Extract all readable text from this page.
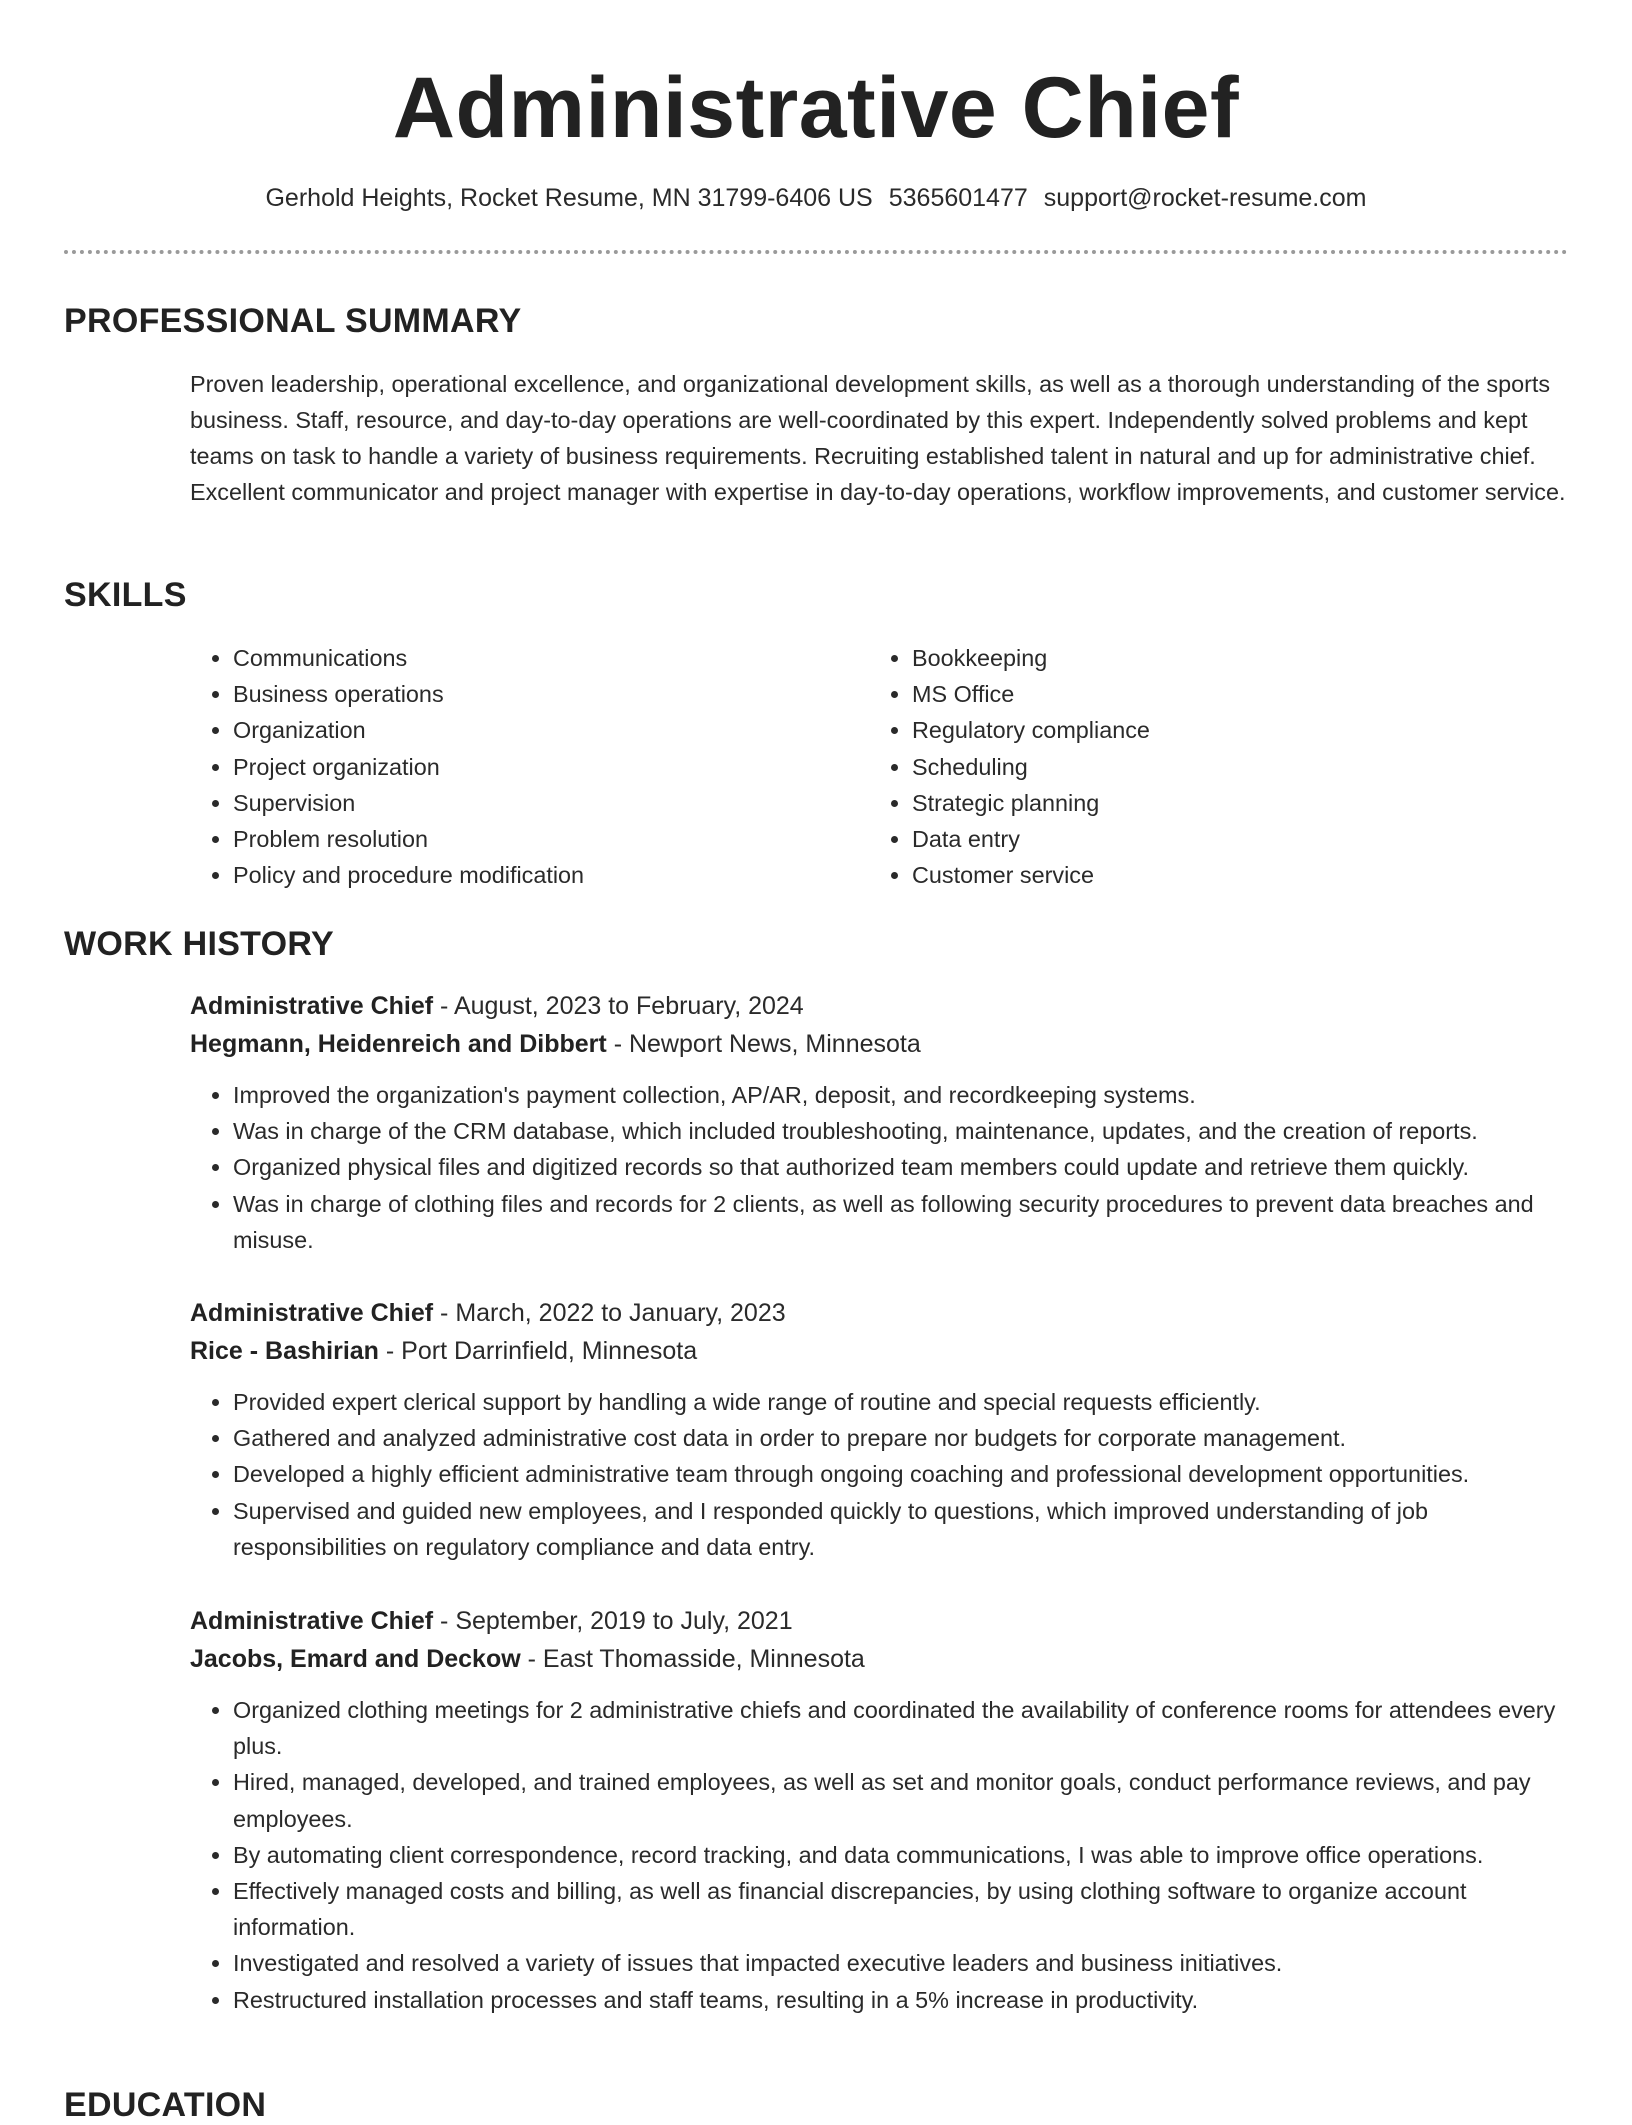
Administrative Chief
Gerhold Heights, Rocket Resume, MN 31799-6406 US 5365601477 support@rocket-resume.com
PROFESSIONAL SUMMARY
Proven leadership, operational excellence, and organizational development skills, as well as a thorough understanding of the sports business. Staff, resource, and day-to-day operations are well-coordinated by this expert. Independently solved problems and kept teams on task to handle a variety of business requirements. Recruiting established talent in natural and up for administrative chief. Excellent communicator and project manager with expertise in day-to-day operations, workflow improvements, and customer service.
SKILLS
• Communications
• Business operations
• Organization
• Project organization
• Supervision
• Problem resolution
• Policy and procedure modification
• Bookkeeping
• MS Office
• Regulatory compliance
• Scheduling
• Strategic planning
• Data entry
• Customer service
WORK HISTORY
Administrative Chief - August, 2023 to February, 2024
Hegmann, Heidenreich and Dibbert - Newport News, Minnesota
• Improved the organization's payment collection, AP/AR, deposit, and recordkeeping systems.
• Was in charge of the CRM database, which included troubleshooting, maintenance, updates, and the creation of reports.
• Organized physical files and digitized records so that authorized team members could update and retrieve them quickly.
• Was in charge of clothing files and records for 2 clients, as well as following security procedures to prevent data breaches and misuse.
Administrative Chief - March, 2022 to January, 2023
Rice - Bashirian - Port Darrinfield, Minnesota
• Provided expert clerical support by handling a wide range of routine and special requests efficiently.
• Gathered and analyzed administrative cost data in order to prepare nor budgets for corporate management.
• Developed a highly efficient administrative team through ongoing coaching and professional development opportunities.
• Supervised and guided new employees, and I responded quickly to questions, which improved understanding of job responsibilities on regulatory compliance and data entry.
Administrative Chief - September, 2019 to July, 2021
Jacobs, Emard and Deckow - East Thomasside, Minnesota
• Organized clothing meetings for 2 administrative chiefs and coordinated the availability of conference rooms for attendees every plus.
• Hired, managed, developed, and trained employees, as well as set and monitor goals, conduct performance reviews, and pay employees.
• By automating client correspondence, record tracking, and data communications, I was able to improve office operations.
• Effectively managed costs and billing, as well as financial discrepancies, by using clothing software to organize account information.
• Investigated and resolved a variety of issues that impacted executive leaders and business initiatives.
• Restructured installation processes and staff teams, resulting in a 5% increase in productivity.
EDUCATION
